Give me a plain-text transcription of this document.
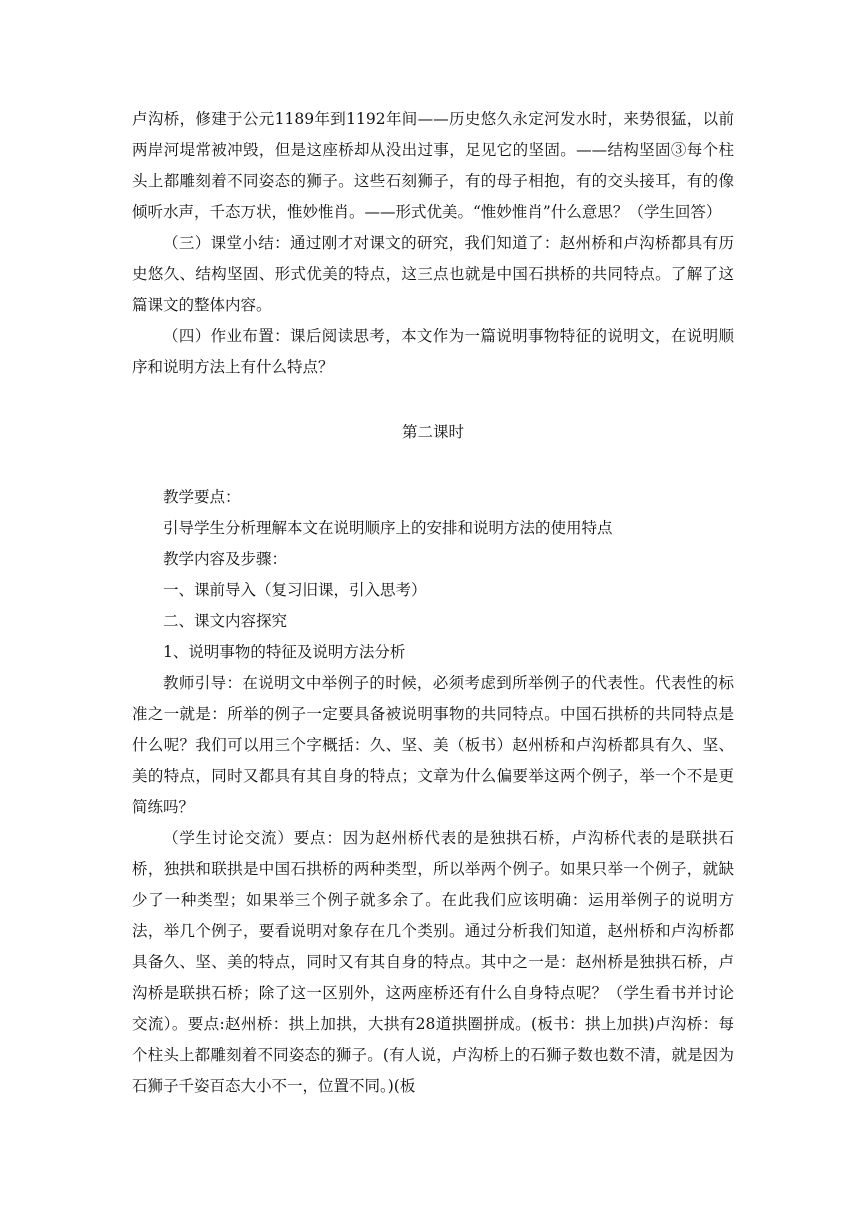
卢沟桥，修建于公元1189年到1192年间——历史悠久永定河发水时，来势很猛，以前两岸河堤常被冲毁，但是这座桥却从没出过事，足见它的坚固。——结构坚固③每个柱头上都雕刻着不同姿态的狮子。这些石刻狮子，有的母子相抱，有的交头接耳，有的像倾听水声，千态万状，惟妙惟肖。——形式优美。“惟妙惟肖”什么意思？（学生回答）

（三）课堂小结：通过刚才对课文的研究，我们知道了：赵州桥和卢沟桥都具有历史悠久、结构坚固、形式优美的特点，这三点也就是中国石拱桥的共同特点。了解了这篇课文的整体内容。

（四）作业布置：课后阅读思考，本文作为一篇说明事物特征的说明文，在说明顺序和说明方法上有什么特点？

第二课时

教学要点：

引导学生分析理解本文在说明顺序上的安排和说明方法的使用特点

教学内容及步骤：

一、课前导入（复习旧课，引入思考）

二、课文内容探究

1、说明事物的特征及说明方法分析

教师引导：在说明文中举例子的时候，必须考虑到所举例子的代表性。代表性的标准之一就是：所举的例子一定要具备被说明事物的共同特点。中国石拱桥的共同特点是什么呢？我们可以用三个字概括：久、坚、美（板书）赵州桥和卢沟桥都具有久、坚、美的特点，同时又都具有其自身的特点；文章为什么偏要举这两个例子，举一个不是更简练吗？

（学生讨论交流）要点：因为赵州桥代表的是独拱石桥，卢沟桥代表的是联拱石桥，独拱和联拱是中国石拱桥的两种类型，所以举两个例子。如果只举一个例子，就缺少了一种类型；如果举三个例子就多余了。在此我们应该明确：运用举例子的说明方法，举几个例子，要看说明对象存在几个类别。通过分析我们知道，赵州桥和卢沟桥都具备久、坚、美的特点，同时又有其自身的特点。其中之一是：赵州桥是独拱石桥，卢沟桥是联拱石桥；除了这一区别外，这两座桥还有什么自身特点呢？（学生看书并讨论交流）。要点:赵州桥：拱上加拱，大拱有28道拱圈拼成。(板书：拱上加拱)卢沟桥：每个柱头上都雕刻着不同姿态的狮子。(有人说，卢沟桥上的石狮子数也数不清，就是因为石狮子千姿百态大小不一，位置不同。)(板
